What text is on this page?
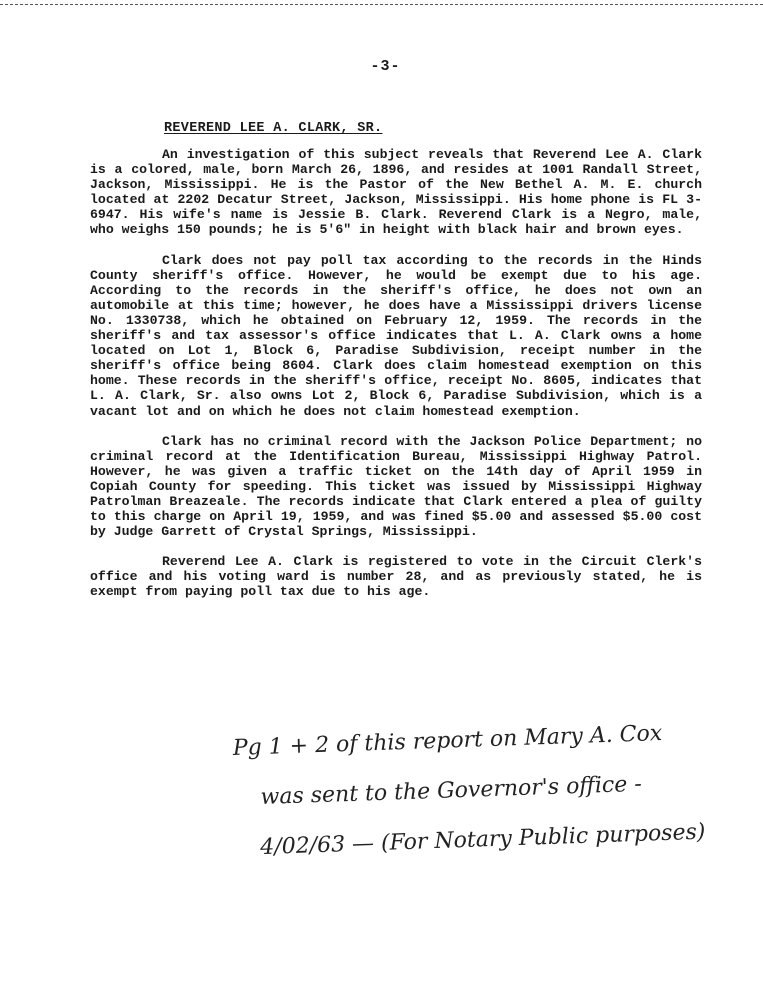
-3-
REVEREND LEE A. CLARK, SR.

An investigation of this subject reveals that Reverend Lee A. Clark is a colored, male, born March 26, 1896, and resides at 1001 Randall Street, Jackson, Mississippi. He is the Pastor of the New Bethel A. M. E. church located at 2202 Decatur Street, Jackson, Mississippi. His home phone is FL 3-6947. His wife's name is Jessie B. Clark. Reverend Clark is a Negro, male, who weighs 150 pounds; he is 5'6" in height with black hair and brown eyes.

Clark does not pay poll tax according to the records in the Hinds County sheriff's office. However, he would be exempt due to his age. According to the records in the sheriff's office, he does not own an automobile at this time; however, he does have a Mississippi drivers license No. 1330738, which he obtained on February 12, 1959. The records in the sheriff's and tax assessor's office indicates that L. A. Clark owns a home located on Lot 1, Block 6, Paradise Subdivision, receipt number in the sheriff's office being 8604. Clark does claim homestead exemption on this home. These records in the sheriff's office, receipt No. 8605, indicates that L. A. Clark, Sr. also owns Lot 2, Block 6, Paradise Subdivision, which is a vacant lot and on which he does not claim homestead exemption.

Clark has no criminal record with the Jackson Police Department; no criminal record at the Identification Bureau, Mississippi Highway Patrol. However, he was given a traffic ticket on the 14th day of April 1959 in Copiah County for speeding. This ticket was issued by Mississippi Highway Patrolman Breazeale. The records indicate that Clark entered a plea of guilty to this charge on April 19, 1959, and was fined $5.00 and assessed $5.00 cost by Judge Garrett of Crystal Springs, Mississippi.

Reverend Lee A. Clark is registered to vote in the Circuit Clerk's office and his voting ward is number 28, and as previously stated, he is exempt from paying poll tax due to his age.

Pg 1 + 2 of this report on Mary A. Cox
was sent to the Governor's office -
4/02/63 — (For Notary Public purposes)
